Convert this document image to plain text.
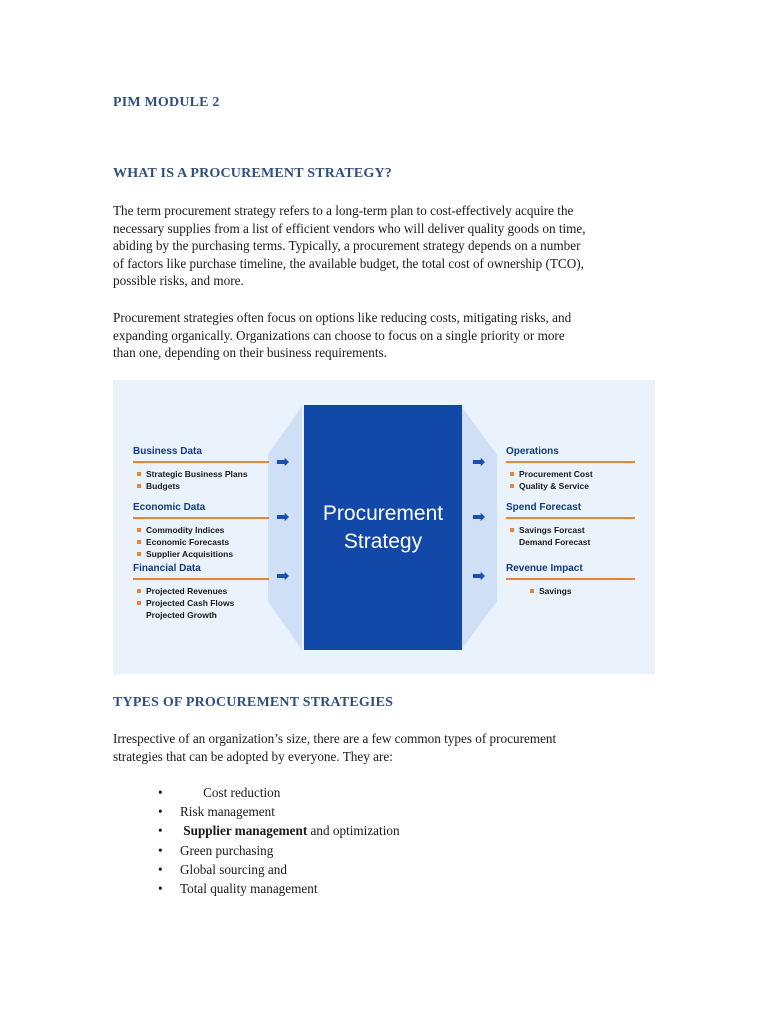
PIM MODULE 2
WHAT IS A PROCUREMENT STRATEGY?
The term procurement strategy refers to a long-term plan to cost-effectively acquire the
necessary supplies from a list of efficient vendors who will deliver quality goods on time,
abiding by the purchasing terms. Typically, a procurement strategy depends on a number
of factors like purchase timeline, the available budget, the total cost of ownership (TCO),
possible risks, and more.
Procurement strategies often focus on options like reducing costs, mitigating risks, and
expanding organically. Organizations can choose to focus on a single priority or more
than one, depending on their business requirements.
Procurement
Strategy
Business Data
Strategic Business Plans
Budgets
Economic Data
Commodity Indices
Economic Forecasts
Supplier Acquisitions
Financial Data
Projected Revenues
Projected Cash Flows
Projected Growth
➡
➡
➡
➡
➡
➡
Operations
Procurement Cost
Quality & Service
Spend Forecast
Savings Forcast
Demand Forecast
Revenue Impact
Savings
TYPES OF PROCUREMENT STRATEGIES
Irrespective of an organization’s size, there are a few common types of procurement
strategies that can be adopted by everyone. They are:
• Cost reduction
• Risk management
• Supplier management and optimization
• Green purchasing
• Global sourcing and
• Total quality management
